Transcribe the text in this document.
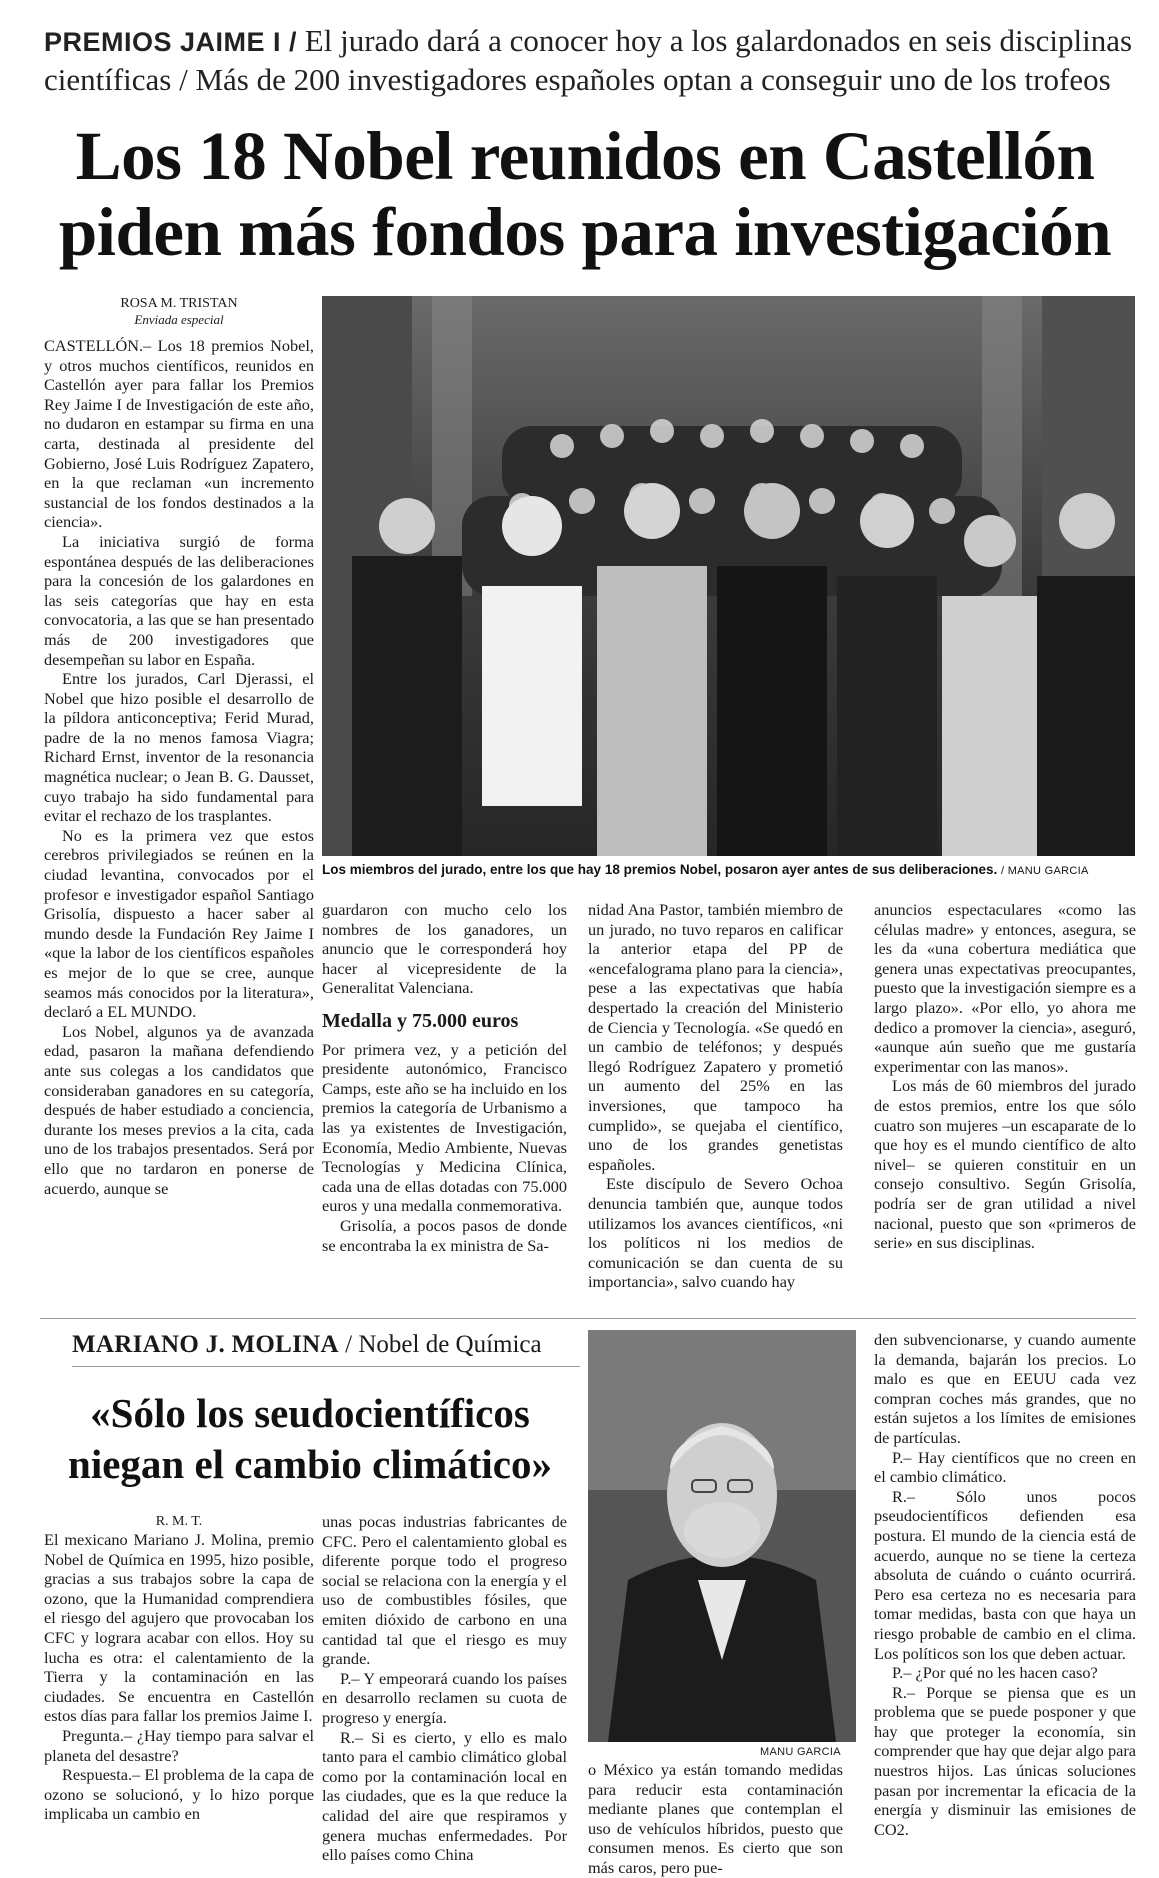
PREMIOS JAIME I / El jurado dará a conocer hoy a los galardonados en seis disciplinas científicas / Más de 200 investigadores españoles optan a conseguir uno de los trofeos
Los 18 Nobel reunidos en Castellón piden más fondos para investigación
ROSA M. TRISTAN
Enviada especial

CASTELLÓN.– Los 18 premios Nobel, y otros muchos científicos, reunidos en Castellón ayer para fallar los Premios Rey Jaime I de Investigación de este año, no dudaron en estampar su firma en una carta, destinada al presidente del Gobierno, José Luis Rodríguez Zapatero, en la que reclaman «un incremento sustancial de los fondos destinados a la ciencia».

La iniciativa surgió de forma espontánea después de las deliberaciones para la concesión de los galardones en las seis categorías que hay en esta convocatoria, a las que se han presentado más de 200 investigadores que desempeñan su labor en España.

Entre los jurados, Carl Djerassi, el Nobel que hizo posible el desarrollo de la píldora anticonceptiva; Ferid Murad, padre de la no menos famosa Viagra; Richard Ernst, inventor de la resonancia magnética nuclear; o Jean B. G. Dausset, cuyo trabajo ha sido fundamental para evitar el rechazo de los trasplantes.

No es la primera vez que estos cerebros privilegiados se reúnen en la ciudad levantina, convocados por el profesor e investigador español Santiago Grisolía, dispuesto a hacer saber al mundo desde la Fundación Rey Jaime I «que la labor de los científicos españoles es mejor de lo que se cree, aunque seamos más conocidos por la literatura», declaró a EL MUNDO.

Los Nobel, algunos ya de avanzada edad, pasaron la mañana defendiendo ante sus colegas a los candidatos que consideraban ganadores en su categoría, después de haber estudiado a conciencia, durante los meses previos a la cita, cada uno de los trabajos presentados. Será por ello que no tardaron en ponerse de acuerdo, aunque se

Los miembros del jurado, entre los que hay 18 premios Nobel, posaron ayer antes de sus deliberaciones. / MANU GARCIA

guardaron con mucho celo los nombres de los ganadores, un anuncio que le corresponderá hoy hacer al vicepresidente de la Generalitat Valenciana.

Medalla y 75.000 euros

Por primera vez, y a petición del presidente autonómico, Francisco Camps, este año se ha incluido en los premios la categoría de Urbanismo a las ya existentes de Investigación, Economía, Medio Ambiente, Nuevas Tecnologías y Medicina Clínica, cada una de ellas dotadas con 75.000 euros y una medalla conmemorativa.

Grisolía, a pocos pasos de donde se encontraba la ex ministra de Sa-

nidad Ana Pastor, también miembro de un jurado, no tuvo reparos en calificar la anterior etapa del PP de «encefalograma plano para la ciencia», pese a las expectativas que había despertado la creación del Ministerio de Ciencia y Tecnología. «Se quedó en un cambio de teléfonos; y después llegó Rodríguez Zapatero y prometió un aumento del 25% en las inversiones, que tampoco ha cumplido», se quejaba el científico, uno de los grandes genetistas españoles.

Este discípulo de Severo Ochoa denuncia también que, aunque todos utilizamos los avances científicos, «ni los políticos ni los medios de comunicación se dan cuenta de su importancia», salvo cuando hay

anuncios espectaculares «como las células madre» y entonces, asegura, se les da «una cobertura mediática que genera unas expectativas preocupantes, puesto que la investigación siempre es a largo plazo». «Por ello, yo ahora me dedico a promover la ciencia», aseguró, «aunque aún sueño que me gustaría experimentar con las manos».

Los más de 60 miembros del jurado de estos premios, entre los que sólo cuatro son mujeres –un escaparate de lo que hoy es el mundo científico de alto nivel– se quieren constituir en un consejo consultivo. Según Grisolía, podría ser de gran utilidad a nivel nacional, puesto que son «primeros de serie» en sus disciplinas.

MARIANO J. MOLINA / Nobel de Química
«Sólo los seudocientíficos niegan el cambio climático»
R. M. T.

El mexicano Mariano J. Molina, premio Nobel de Química en 1995, hizo posible, gracias a sus trabajos sobre la capa de ozono, que la Humanidad comprendiera el riesgo del agujero que provocaban los CFC y lograra acabar con ellos. Hoy su lucha es otra: el calentamiento de la Tierra y la contaminación en las ciudades. Se encuentra en Castellón estos días para fallar los premios Jaime I.

Pregunta.– ¿Hay tiempo para salvar el planeta del desastre?

Respuesta.– El problema de la capa de ozono se solucionó, y lo hizo porque implicaba un cambio en

unas pocas industrias fabricantes de CFC. Pero el calentamiento global es diferente porque todo el progreso social se relaciona con la energía y el uso de combustibles fósiles, que emiten dióxido de carbono en una cantidad tal que el riesgo es muy grande.

P.– Y empeorará cuando los países en desarrollo reclamen su cuota de progreso y energía.

R.– Si es cierto, y ello es malo tanto para el cambio climático global como por la contaminación local en las ciudades, que es la que reduce la calidad del aire que respiramos y genera muchas enfermedades. Por ello países como China

MANU GARCIA

o México ya están tomando medidas para reducir esta contaminación mediante planes que contemplan el uso de vehículos híbridos, puesto que consumen menos. Es cierto que son más caros, pero pue-

den subvencionarse, y cuando aumente la demanda, bajarán los precios. Lo malo es que en EEUU cada vez compran coches más grandes, que no están sujetos a los límites de emisiones de partículas.

P.– Hay científicos que no creen en el cambio climático.

R.– Sólo unos pocos pseudocientíficos defienden esa postura. El mundo de la ciencia está de acuerdo, aunque no se tiene la certeza absoluta de cuándo o cuánto ocurrirá. Pero esa certeza no es necesaria para tomar medidas, basta con que haya un riesgo probable de cambio en el clima. Los políticos son los que deben actuar.

P.– ¿Por qué no les hacen caso?

R.– Porque se piensa que es un problema que se puede posponer y que hay que proteger la economía, sin comprender que hay que dejar algo para nuestros hijos. Las únicas soluciones pasan por incrementar la eficacia de la energía y disminuir las emisiones de CO2.
